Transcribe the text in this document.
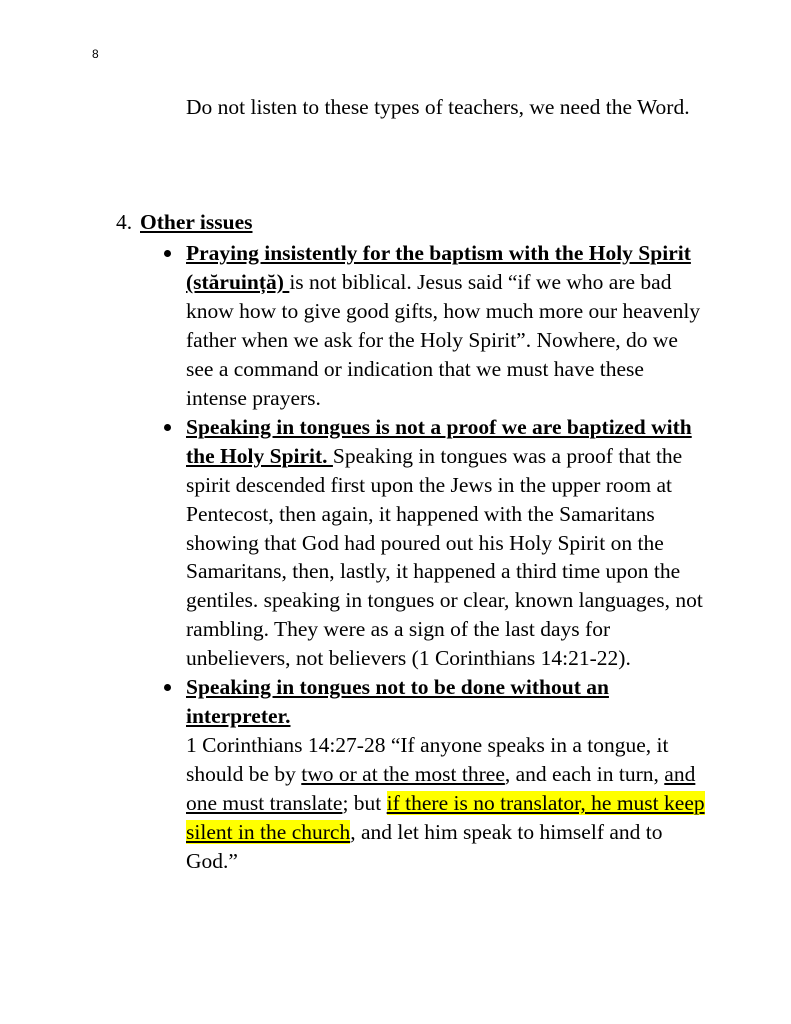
8

Do not listen to these types of teachers, we need the Word.

4. Other issues

Praying insistently for the baptism with the Holy Spirit (stăruință) is not biblical. Jesus said “if we who are bad know how to give good gifts, how much more our heavenly father when we ask for the Holy Spirit”. Nowhere, do we see a command or indication that we must have these intense prayers.
Speaking in tongues is not a proof we are baptized with the Holy Spirit. Speaking in tongues was a proof that the spirit descended first upon the Jews in the upper room at Pentecost, then again, it happened with the Samaritans showing that God had poured out his Holy Spirit on the Samaritans, then, lastly, it happened a third time upon the gentiles. speaking in tongues or clear, known languages, not rambling. They were as a sign of the last days for unbelievers, not believers (1 Corinthians 14:21-22).
Speaking in tongues not to be done without an interpreter.
1 Corinthians 14:27-28 “If anyone speaks in a tongue, it should be by two or at the most three, and each in turn, and one must translate; but if there is no translator, he must keep silent in the church, and let him speak to himself and to God.”
